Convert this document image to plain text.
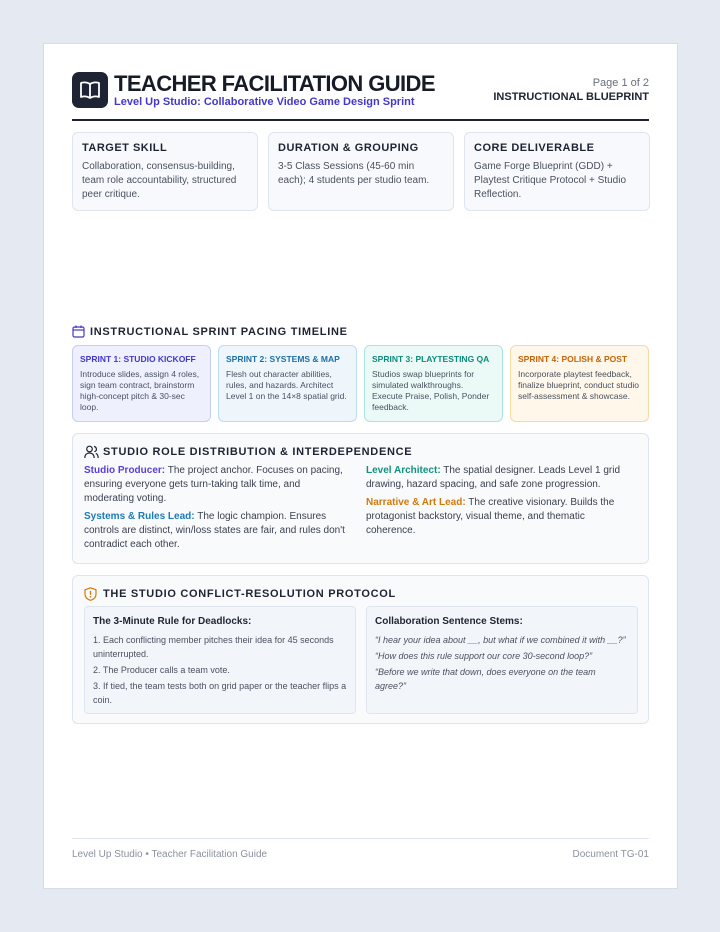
TEACHER FACILITATION GUIDE
Level Up Studio: Collaborative Video Game Design Sprint
Page 1 of 2
INSTRUCTIONAL BLUEPRINT
TARGET SKILL
Collaboration, consensus-building, team role accountability, structured peer critique.
DURATION & GROUPING
3-5 Class Sessions (45-60 min each); 4 students per studio team.
CORE DELIVERABLE
Game Forge Blueprint (GDD) + Playtest Critique Protocol + Studio Reflection.
INSTRUCTIONAL SPRINT PACING TIMELINE
SPRINT 1: STUDIO KICKOFF
Introduce slides, assign 4 roles, sign team contract, brainstorm high-concept pitch & 30-sec loop.
SPRINT 2: SYSTEMS & MAP
Flesh out character abilities, rules, and hazards. Architect Level 1 on the 14×8 spatial grid.
SPRINT 3: PLAYTESTING QA
Studios swap blueprints for simulated walkthroughs. Execute Praise, Polish, Ponder feedback.
SPRINT 4: POLISH & POST
Incorporate playtest feedback, finalize blueprint, conduct studio self-assessment & showcase.
STUDIO ROLE DISTRIBUTION & INTERDEPENDENCE

Studio Producer: The project anchor. Focuses on pacing, ensuring everyone gets turn-taking talk time, and moderating voting.

Systems & Rules Lead: The logic champion. Ensures controls are distinct, win/loss states are fair, and rules don't contradict each other.

Level Architect: The spatial designer. Leads Level 1 grid drawing, hazard spacing, and safe zone progression.

Narrative & Art Lead: The creative visionary. Builds the protagonist backstory, visual theme, and thematic coherence.

THE STUDIO CONFLICT-RESOLUTION PROTOCOL
The 3-Minute Rule for Deadlocks:
1. Each conflicting member pitches their idea for 45 seconds uninterrupted.
2. The Producer calls a team vote.
3. If tied, the team tests both on grid paper or the teacher flips a coin.
Collaboration Sentence Stems:
“I hear your idea about __, but what if we combined it with __?”
“How does this rule support our core 30-second loop?”
“Before we write that down, does everyone on the team agree?”
Level Up Studio • Teacher Facilitation Guide	Document TG-01
